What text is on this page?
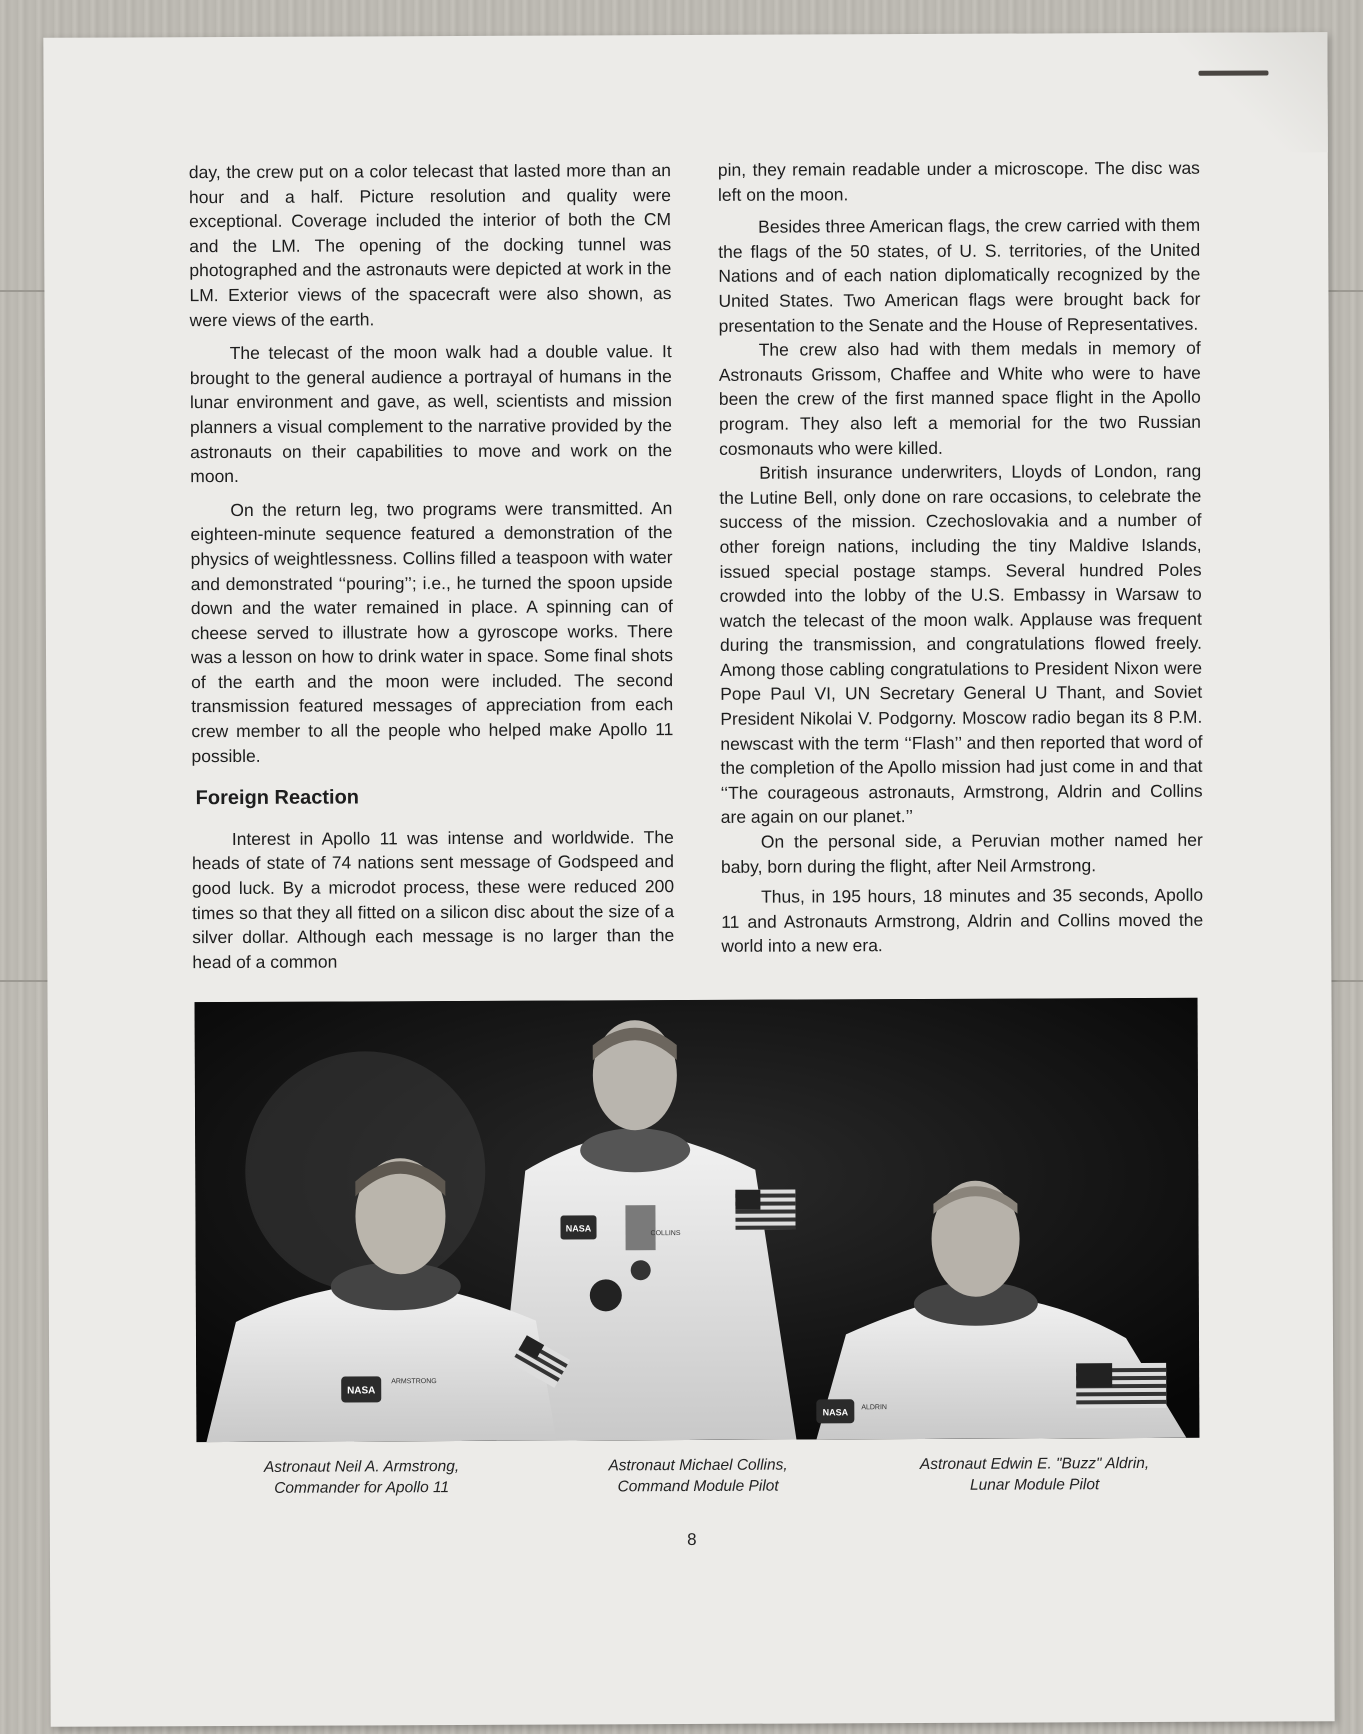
day, the crew put on a color telecast that lasted more than an hour and a half. Picture resolution and quality were exceptional. Coverage included the interior of both the CM and the LM. The opening of the docking tunnel was photographed and the astronauts were depicted at work in the LM. Exterior views of the spacecraft were also shown, as were views of the earth.

The telecast of the moon walk had a double value. It brought to the general audience a portrayal of humans in the lunar environment and gave, as well, scientists and mission planners a visual complement to the narrative provided by the astronauts on their capabilities to move and work on the moon.

On the return leg, two programs were transmitted. An eighteen-minute sequence featured a demonstration of the physics of weightlessness. Collins filled a teaspoon with water and demonstrated ‘‘pouring’’; i.e., he turned the spoon upside down and the water remained in place. A spinning can of cheese served to illustrate how a gyroscope works. There was a lesson on how to drink water in space. Some final shots of the earth and the moon were included. The second transmission featured messages of appreciation from each crew member to all the people who helped make Apollo 11 possible.

Foreign Reaction

Interest in Apollo 11 was intense and worldwide. The heads of state of 74 nations sent message of Godspeed and good luck. By a microdot process, these were reduced 200 times so that they all fitted on a silicon disc about the size of a silver dollar. Although each message is no larger than the head of a common

pin, they remain readable under a microscope. The disc was left on the moon.

Besides three American flags, the crew carried with them the flags of the 50 states, of U. S. territories, of the United Nations and of each nation diplomatically recognized by the United States. Two American flags were brought back for presentation to the Senate and the House of Representatives.

The crew also had with them medals in memory of Astronauts Grissom, Chaffee and White who were to have been the crew of the first manned space flight in the Apollo program. They also left a memorial for the two Russian cosmonauts who were killed.

British insurance underwriters, Lloyds of London, rang the Lutine Bell, only done on rare occasions, to celebrate the success of the mission. Czechoslovakia and a number of other foreign nations, including the tiny Maldive Islands, issued special postage stamps. Several hundred Poles crowded into the lobby of the U.S. Embassy in Warsaw to watch the telecast of the moon walk. Applause was frequent during the transmission, and congratulations flowed freely. Among those cabling congratulations to President Nixon were Pope Paul VI, UN Secretary General U Thant, and Soviet President Nikolai V. Podgorny. Moscow radio began its 8 P.M. newscast with the term ‘‘Flash’’ and then reported that word of the completion of the Apollo mission had just come in and that ‘‘The courageous astronauts, Armstrong, Aldrin and Collins are again on our planet.’’

On the personal side, a Peruvian mother named her baby, born during the flight, after Neil Armstrong.

Thus, in 195 hours, 18 minutes and 35 seconds, Apollo 11 and Astronauts Armstrong, Aldrin and Collins moved the world into a new era.

NASA
COLLINS
NASA
ARMSTRONG
NASA ALDRIN
Astronaut Neil A. Armstrong,
Commander for Apollo 11
Astronaut Michael Collins,
Command Module Pilot
Astronaut Edwin E. "Buzz" Aldrin,
Lunar Module Pilot
8
